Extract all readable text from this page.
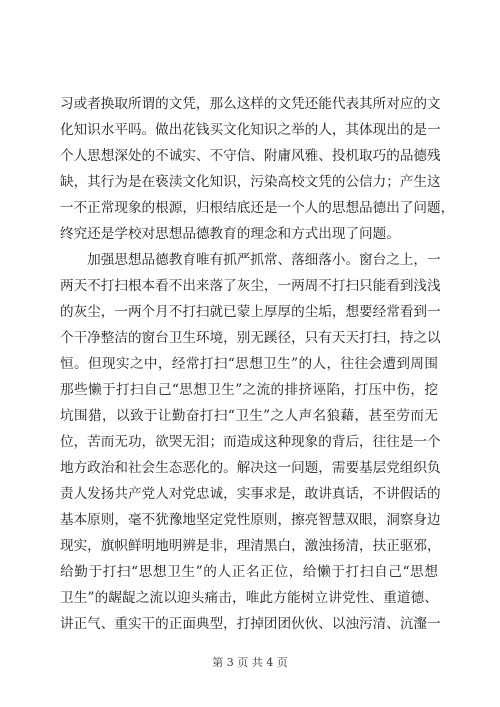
习或者换取所谓的文凭，那么这样的文凭还能代表其所对应的文
化知识水平吗。做出花钱买文化知识之举的人，其体现出的是一
个人思想深处的不诚实、不守信、附庸风雅、投机取巧的品德残
缺，其行为是在亵渎文化知识，污染高校文凭的公信力；产生这
一不正常现象的根源，归根结底还是一个人的思想品德出了问题，
终究还是学校对思想品德教育的理念和方式出现了问题。
　　加强思想品德教育唯有抓严抓常、落细落小。窗台之上，一
两天不打扫根本看不出来落了灰尘，一两周不打扫只能看到浅浅
的灰尘，一两个月不打扫就已蒙上厚厚的尘垢，想要经常看到一
个干净整洁的窗台卫生环境，别无蹊径，只有天天打扫，持之以
恒。但现实之中，经常打扫“思想卫生”的人，往往会遭到周围
那些懒于打扫自己“思想卫生”之流的排挤诬陷，打压中伤，挖
坑围猎，以致于让勤奋打扫“卫生”之人声名狼藉，甚至劳而无
位，苦而无功，欲哭无泪；而造成这种现象的背后，往往是一个
地方政治和社会生态恶化的。解决这一问题，需要基层党组织负
责人发扬共产党人对党忠诚，实事求是，敢讲真话，不讲假话的
基本原则，毫不犹豫地坚定党性原则，擦亮智慧双眼，洞察身边
现实，旗帜鲜明地明辨是非，理清黑白，激浊扬清，扶正驱邪，
给勤于打扫“思想卫生”的人正名正位，给懒于打扫自己“思想
卫生”的龌龊之流以迎头痛击，唯此方能树立讲党性、重道德、
讲正气、重实干的正面典型，打掉团团伙伙、以浊污清、沆瀣一
第 3 页 共 4 页
